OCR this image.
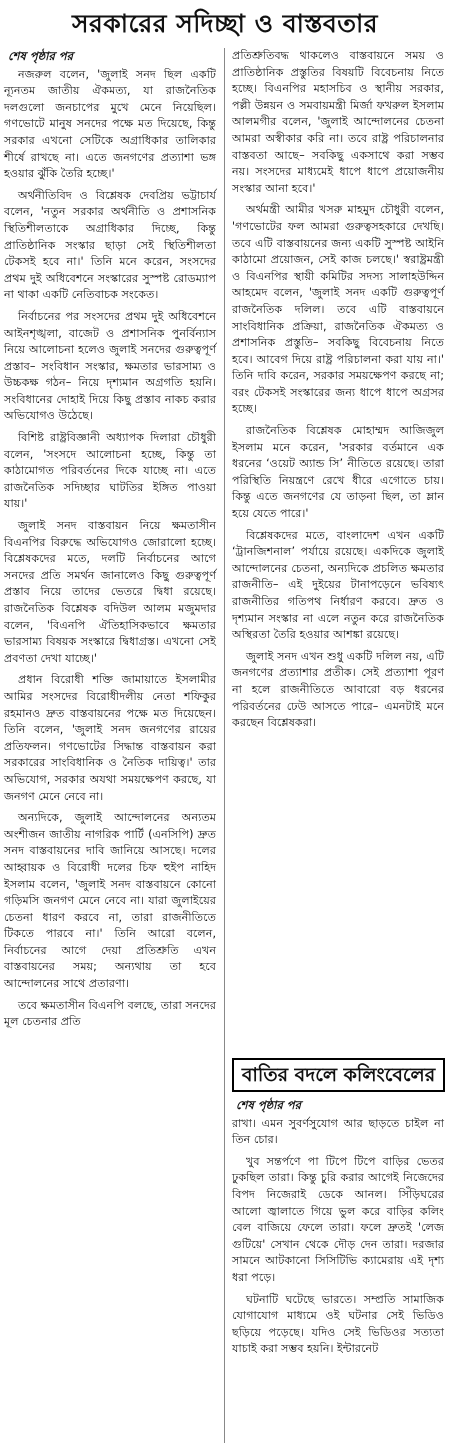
সরকারের সদিচ্ছা ও বাস্তবতার
শেষ পৃষ্ঠার পর

নজরুল বলেন, 'জুলাই সনদ ছিল একটি ন্যূনতম জাতীয় ঐকমত্য, যা রাজনৈতিক দলগুলো জনচাপের মুখে মেনে নিয়েছিল। গণভোটে মানুষ সনদের পক্ষে মত দিয়েছে, কিন্তু সরকার এখনো সেটিকে অগ্রাধিকার তালিকার শীর্ষে রাখছে না। এতে জনগণের প্রত্যাশা ভঙ্গ হওয়ার ঝুঁকি তৈরি হচ্ছে।'

অর্থনীতিবিদ ও বিশ্লেষক দেবপ্রিয় ভট্টাচার্য বলেন, 'নতুন সরকার অর্থনীতি ও প্রশাসনিক স্থিতিশীলতাকে অগ্রাধিকার দিচ্ছে, কিন্তু প্রাতিষ্ঠানিক সংস্কার ছাড়া সেই স্থিতিশীলতা টেকসই হবে না।' তিনি মনে করেন, সংসদের প্রথম দুই অধিবেশনে সংস্কারের সুস্পষ্ট রোডম্যাপ না থাকা একটি নেতিবাচক সংকেত।

নির্বাচনের পর সংসদের প্রথম দুই অধিবেশনে আইনশৃঙ্খলা, বাজেট ও প্রশাসনিক পুনর্বিন্যাস নিয়ে আলোচনা হলেও জুলাই সনদের গুরুত্বপূর্ণ প্রস্তাব– সংবিধান সংস্কার, ক্ষমতার ভারসাম্য ও উচ্চকক্ষ গঠন– নিয়ে দৃশ্যমান অগ্রগতি হয়নি। সংবিধানের দোহাই দিয়ে কিছু প্রস্তাব নাকচ করার অভিযোগও উঠেছে।

বিশিষ্ট রাষ্ট্রবিজ্ঞানী অধ্যাপক দিলারা চৌধুরী বলেন, 'সংসদে আলোচনা হচ্ছে, কিন্তু তা কাঠামোগত পরিবর্তনের দিকে যাচ্ছে না। এতে রাজনৈতিক সদিচ্ছার ঘাটতির ইঙ্গিত পাওয়া যায়।'

জুলাই সনদ বাস্তবায়ন নিয়ে ক্ষমতাসীন বিএনপির বিরুদ্ধে অভিযোগও জোরালো হচ্ছে। বিশ্লেষকদের মতে, দলটি নির্বাচনের আগে সনদের প্রতি সমর্থন জানালেও কিছু গুরুত্বপূর্ণ প্রস্তাব নিয়ে তাদের ভেতরে দ্বিধা রয়েছে। রাজনৈতিক বিশ্লেষক বদিউল আলম মজুমদার বলেন, 'বিএনপি ঐতিহাসিকভাবে ক্ষমতার ভারসাম্য বিষয়ক সংস্কারে দ্বিধাগ্রস্ত। এখনো সেই প্রবণতা দেখা যাচ্ছে।'

প্রধান বিরোধী শক্তি জামায়াতে ইসলামীর আমির সংসদের বিরোধীদলীয় নেতা শফিকুর রহমানও দ্রুত বাস্তবায়নের পক্ষে মত দিয়েছেন। তিনি বলেন, 'জুলাই সনদ জনগণের রায়ের প্রতিফলন। গণভোটের সিদ্ধান্ত বাস্তবায়ন করা সরকারের সাংবিধানিক ও নৈতিক দায়িত্ব।' তার অভিযোগ, সরকার অযথা সময়ক্ষেপণ করছে, যা জনগণ মেনে নেবে না।

অন্যদিকে, জুলাই আন্দোলনের অন্যতম অংশীজন জাতীয় নাগরিক পার্টি (এনসিপি) দ্রুত সনদ বাস্তবায়নের দাবি জানিয়ে আসছে। দলের আহ্বায়ক ও বিরোধী দলের চিফ হুইপ নাহিদ ইসলাম বলেন, 'জুলাই সনদ বাস্তবায়নে কোনো গড়িমসি জনগণ মেনে নেবে না। যারা জুলাইয়ের চেতনা ধারণ করবে না, তারা রাজনীতিতে টিকতে পারবে না।' তিনি আরো বলেন, নির্বাচনের আগে দেয়া প্রতিশ্রুতি এখন বাস্তবায়নের সময়; অন্যথায় তা হবে আন্দোলনের সাথে প্রতারণা।

তবে ক্ষমতাসীন বিএনপি বলছে, তারা সনদের মূল চেতনার প্রতি

প্রতিশ্রুতিবদ্ধ থাকলেও বাস্তবায়নে সময় ও প্রাতিষ্ঠানিক প্রস্তুতির বিষয়টি বিবেচনায় নিতে হচ্ছে। বিএনপির মহাসচিব ও স্থানীয় সরকার, পল্লী উন্নয়ন ও সমবায়মন্ত্রী মির্জা ফখরুল ইসলাম আলমগীর বলেন, 'জুলাই আন্দোলনের চেতনা আমরা অস্বীকার করি না। তবে রাষ্ট্র পরিচালনার বাস্তবতা আছে– সবকিছু একসাথে করা সম্ভব নয়। সংসদের মাধ্যমেই ধাপে ধাপে প্রয়োজনীয় সংস্কার আনা হবে।'

অর্থমন্ত্রী আমীর খসরু মাহমুদ চৌধুরী বলেন, 'গণভোটের ফল আমরা গুরুত্বসহকারে দেখছি। তবে এটি বাস্তবায়নের জন্য একটি সুস্পষ্ট আইনি কাঠামো প্রয়োজন, সেই কাজ চলছে।' স্বরাষ্ট্রমন্ত্রী ও বিএনপির স্থায়ী কমিটির সদস্য সালাহউদ্দিন আহমেদ বলেন, 'জুলাই সনদ একটি গুরুত্বপূর্ণ রাজনৈতিক দলিল। তবে এটি বাস্তবায়নে সাংবিধানিক প্রক্রিয়া, রাজনৈতিক ঐকমত্য ও প্রশাসনিক প্রস্তুতি– সবকিছু বিবেচনায় নিতে হবে। আবেগ দিয়ে রাষ্ট্র পরিচালনা করা যায় না।' তিনি দাবি করেন, সরকার সময়ক্ষেপণ করছে না; বরং টেকসই সংস্কারের জন্য ধাপে ধাপে অগ্রসর হচ্ছে।

রাজনৈতিক বিশ্লেষক মোহাম্মদ আজিজুল ইসলাম মনে করেন, 'সরকার বর্তমানে এক ধরনের ‘ওয়েট অ্যান্ড সি’ নীতিতে রয়েছে। তারা পরিস্থিতি নিয়ন্ত্রণে রেখে ধীরে এগোতে চায়। কিন্তু এতে জনগণের যে তাড়না ছিল, তা ম্লান হয়ে যেতে পারে।'

বিশ্লেষকদের মতে, বাংলাদেশ এখন একটি ‘ট্রানজিশনাল’ পর্যায়ে রয়েছে। একদিকে জুলাই আন্দোলনের চেতনা, অন্যদিকে প্রচলিত ক্ষমতার রাজনীতি– এই দুইয়ের টানাপড়েনে ভবিষ্যৎ রাজনীতির গতিপথ নির্ধারণ করবে। দ্রুত ও দৃশ্যমান সংস্কার না এলে নতুন করে রাজনৈতিক অস্থিরতা তৈরি হওয়ার আশঙ্কা রয়েছে।

জুলাই সনদ এখন শুধু একটি দলিল নয়, এটি জনগণের প্রত্যাশার প্রতীক। সেই প্রত্যাশা পূরণ না হলে রাজনীতিতে আবারো বড় ধরনের পরিবর্তনের ঢেউ আসতে পারে– এমনটাই মনে করছেন বিশ্লেষকরা।

বাতির বদলে কলিংবেলের
শেষ পৃষ্ঠার পর

রাখা। এমন সুবর্ণসুযোগ আর ছাড়তে চাইল না তিন চোর।

খুব সন্তর্পণে পা টিপে টিপে বাড়ির ভেতর ঢুকছিল তারা। কিন্তু চুরি করার আগেই নিজেদের বিপদ নিজেরাই ডেকে আনল। সিঁড়িঘরের আলো জ্বালাতে গিয়ে ভুল করে বাড়ির কলিং বেল বাজিয়ে ফেলে তারা। ফলে দ্রুতই 'লেজ গুটিয়ে' সেখান থেকে দৌড় দেন তারা। দরজার সামনে আটকানো সিসিটিভি ক্যামেরায় এই দৃশ্য ধরা পড়ে।

ঘটনাটি ঘটেছে ভারতে। সম্প্রতি সামাজিক যোগাযোগ মাধ্যমে ওই ঘটনার সেই ভিডিও ছড়িয়ে পড়েছে। যদিও সেই ভিডিওর সত্যতা যাচাই করা সম্ভব হয়নি। ইন্টারনেট
